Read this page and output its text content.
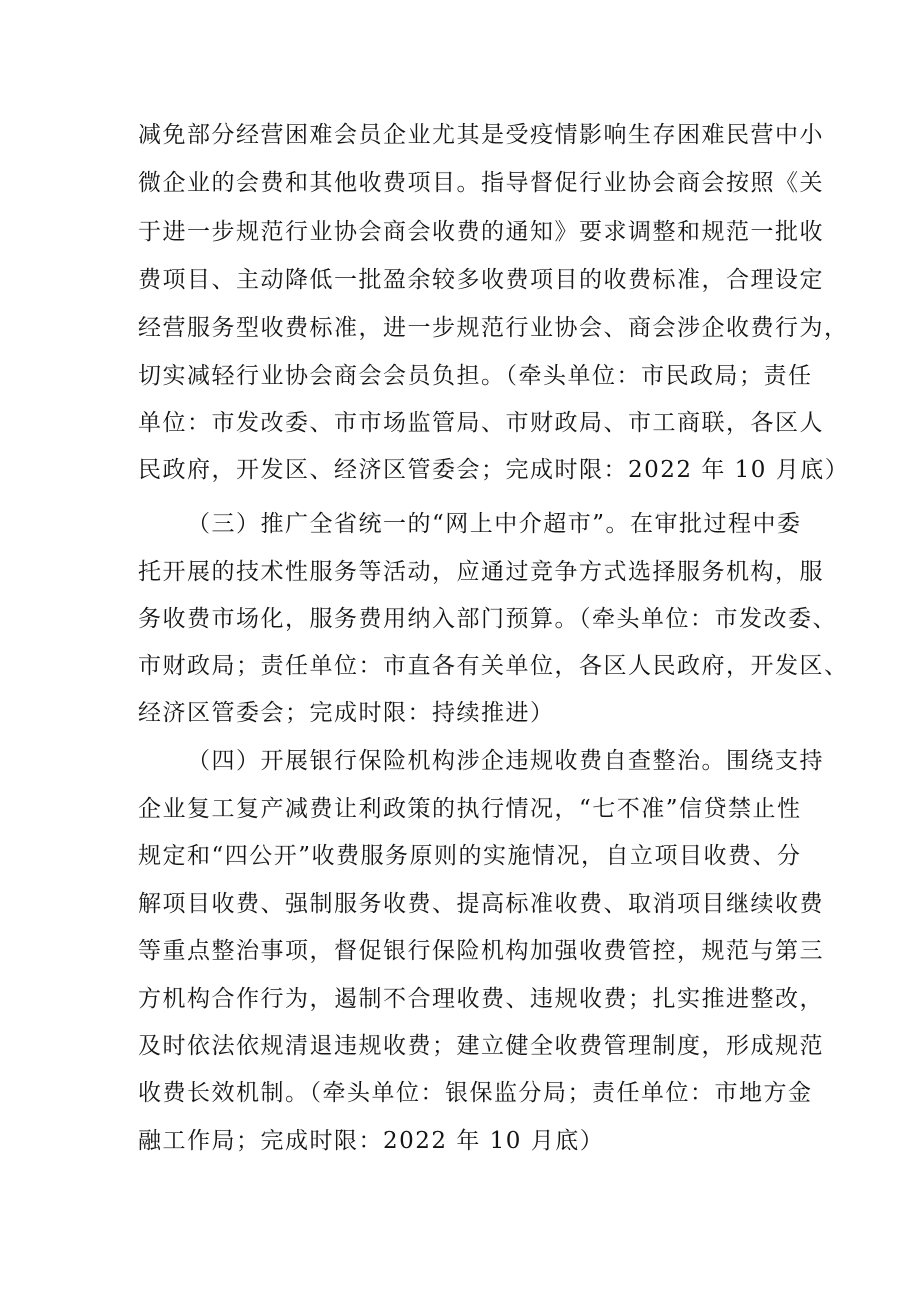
减免部分经营困难会员企业尤其是受疫情影响生存困难民营中小
微企业的会费和其他收费项目。指导督促行业协会商会按照《关
于进一步规范行业协会商会收费的通知》要求调整和规范一批收
费项目、主动降低一批盈余较多收费项目的收费标准，合理设定
经营服务型收费标准，进一步规范行业协会、商会涉企收费行为，
切实减轻行业协会商会会员负担。（牵头单位：市民政局；责任
单位：市发改委、市市场监管局、市财政局、市工商联，各区人
民政府，开发区、经济区管委会；完成时限：2022 年 10 月底）
（三）推广全省统一的“网上中介超市”。在审批过程中委
托开展的技术性服务等活动，应通过竞争方式选择服务机构，服
务收费市场化，服务费用纳入部门预算。（牵头单位：市发改委、
市财政局；责任单位：市直各有关单位，各区人民政府，开发区、
经济区管委会；完成时限：持续推进）
（四）开展银行保险机构涉企违规收费自查整治。围绕支持
企业复工复产减费让利政策的执行情况，“七不准”信贷禁止性
规定和“四公开”收费服务原则的实施情况，自立项目收费、分
解项目收费、强制服务收费、提高标准收费、取消项目继续收费
等重点整治事项，督促银行保险机构加强收费管控，规范与第三
方机构合作行为，遏制不合理收费、违规收费；扎实推进整改，
及时依法依规清退违规收费；建立健全收费管理制度，形成规范
收费长效机制。（牵头单位：银保监分局；责任单位：市地方金
融工作局；完成时限：2022 年 10 月底）
